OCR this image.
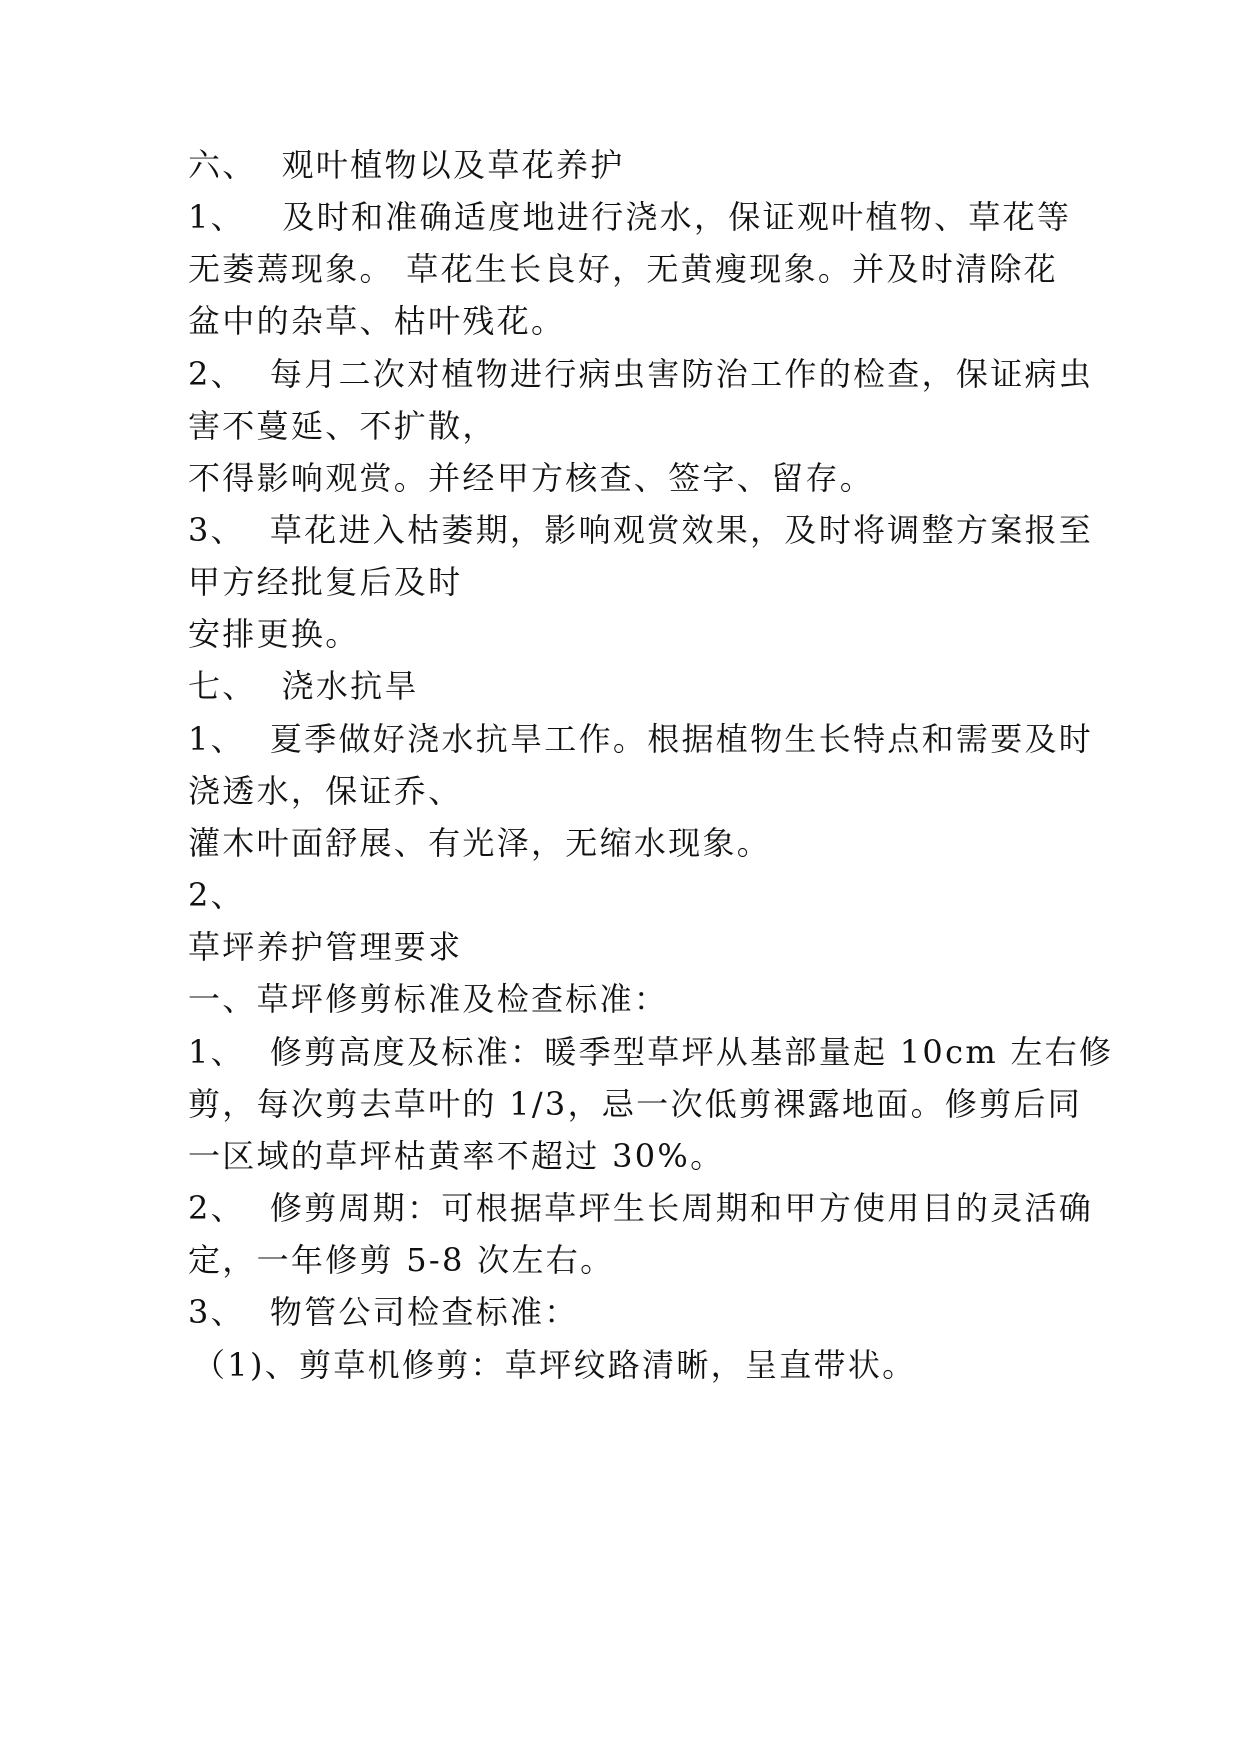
六、  观叶植物以及草花养护
1、   及时和准确适度地进行浇水，保证观叶植物、草花等
无萎蔫现象。 草花生长良好，无黄瘦现象。并及时清除花
盆中的杂草、枯叶残花。
2、  每月二次对植物进行病虫害防治工作的检查，保证病虫
害不蔓延、不扩散，
不得影响观赏。并经甲方核查、签字、留存。
3、  草花进入枯萎期，影响观赏效果，及时将调整方案报至
甲方经批复后及时
安排更换。
七、  浇水抗旱
1、  夏季做好浇水抗旱工作。根据植物生长特点和需要及时
浇透水，保证乔、
灌木叶面舒展、有光泽，无缩水现象。
2、
草坪养护管理要求
一、草坪修剪标准及检查标准：
1、  修剪高度及标准：暖季型草坪从基部量起 10cm 左右修
剪，每次剪去草叶的 1/3，忌一次低剪裸露地面。修剪后同
一区域的草坪枯黄率不超过 30%。
2、  修剪周期：可根据草坪生长周期和甲方使用目的灵活确
定，一年修剪 5-8 次左右。
3、  物管公司检查标准：
（1)、剪草机修剪：草坪纹路清晰，呈直带状。
